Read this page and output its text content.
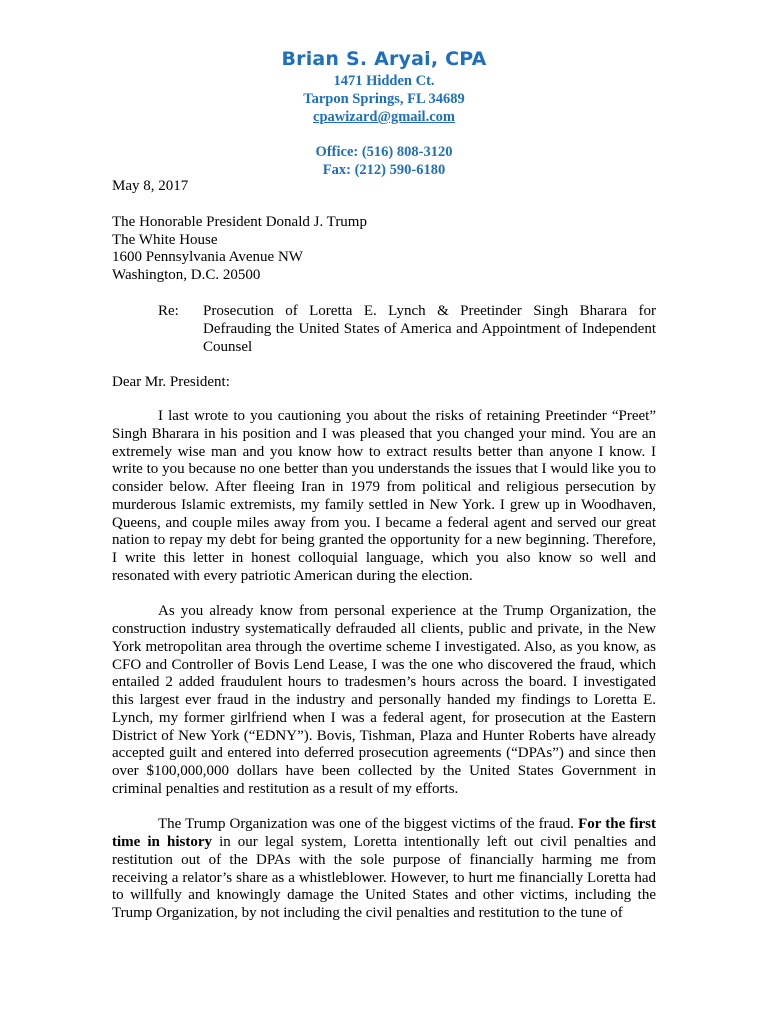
Brian S. Aryai, CPA
1471 Hidden Ct.
Tarpon Springs, FL 34689
cpawizard@gmail.com
Office: (516) 808-3120
Fax: (212) 590-6180
May 8, 2017
The Honorable President Donald J. Trump
The White House
1600 Pennsylvania Avenue NW
Washington, D.C. 20500
Re: Prosecution of Loretta E. Lynch & Preetinder Singh Bharara for Defrauding the United States of America and Appointment of Independent Counsel
Dear Mr. President:

I last wrote to you cautioning you about the risks of retaining Preetinder “Preet” Singh Bharara in his position and I was pleased that you changed your mind. You are an extremely wise man and you know how to extract results better than anyone I know. I write to you because no one better than you understands the issues that I would like you to consider below. After fleeing Iran in 1979 from political and religious persecution by murderous Islamic extremists, my family settled in New York. I grew up in Woodhaven, Queens, and couple miles away from you. I became a federal agent and served our great nation to repay my debt for being granted the opportunity for a new beginning. Therefore, I write this letter in honest colloquial language, which you also know so well and resonated with every patriotic American during the election.

As you already know from personal experience at the Trump Organization, the construction industry systematically defrauded all clients, public and private, in the New York metropolitan area through the overtime scheme I investigated. Also, as you know, as CFO and Controller of Bovis Lend Lease, I was the one who discovered the fraud, which entailed 2 added fraudulent hours to tradesmen’s hours across the board. I investigated this largest ever fraud in the industry and personally handed my findings to Loretta E. Lynch, my former girlfriend when I was a federal agent, for prosecution at the Eastern District of New York (“EDNY”). Bovis, Tishman, Plaza and Hunter Roberts have already accepted guilt and entered into deferred prosecution agreements (“DPAs”) and since then over $100,000,000 dollars have been collected by the United States Government in criminal penalties and restitution as a result of my efforts.

The Trump Organization was one of the biggest victims of the fraud. For the first time in history in our legal system, Loretta intentionally left out civil penalties and restitution out of the DPAs with the sole purpose of financially harming me from receiving a relator’s share as a whistleblower. However, to hurt me financially Loretta had to willfully and knowingly damage the United States and other victims, including the Trump Organization, by not including the civil penalties and restitution to the tune of
